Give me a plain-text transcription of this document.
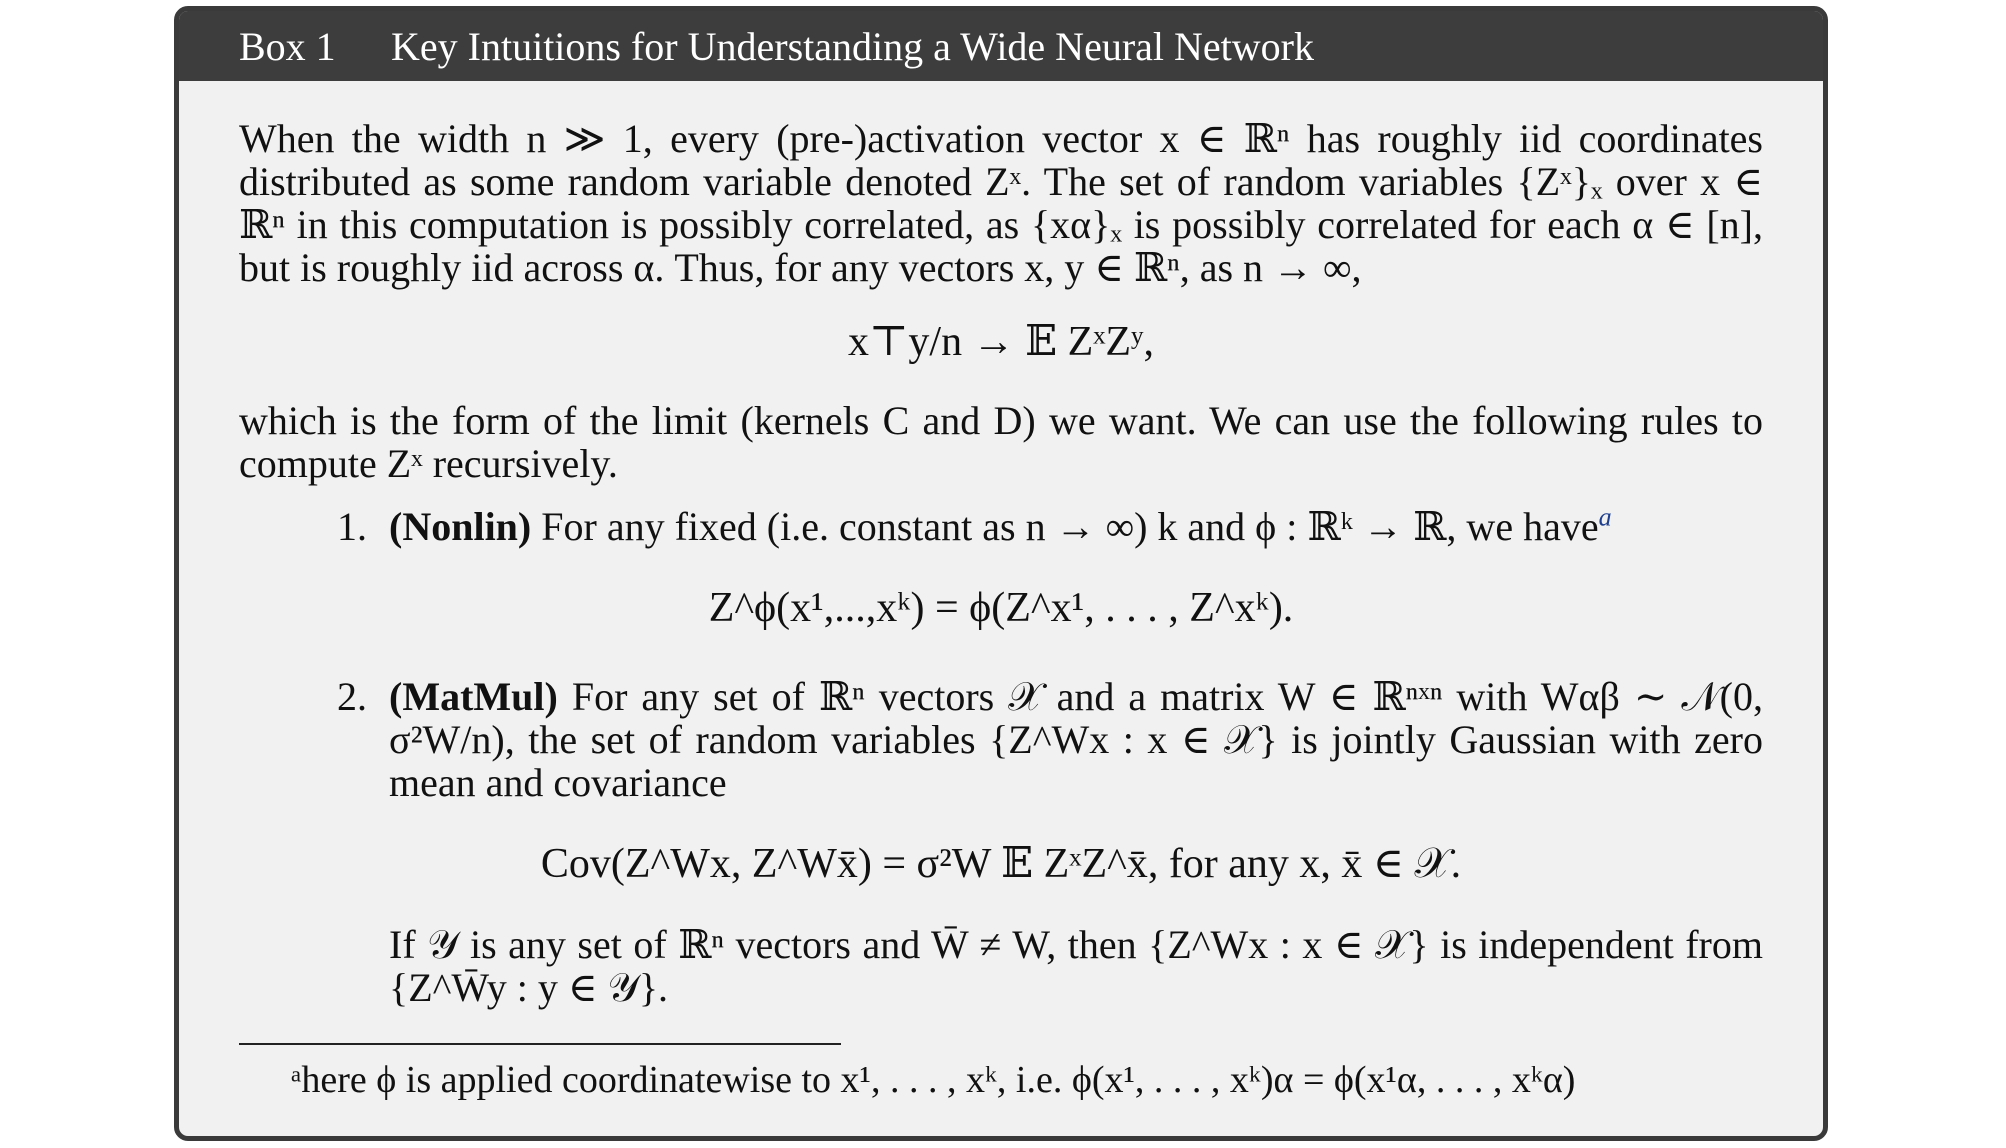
Box 1	Key Intuitions for Understanding a Wide Neural Network
When the width n ≫ 1, every (pre-)activation vector x ∈ ℝⁿ has roughly iid coordinates distributed as some random variable denoted Zˣ. The set of random variables {Zˣ}ₓ over x ∈ ℝⁿ in this computation is possibly correlated, as {xα}ₓ is possibly correlated for each α ∈ [n], but is roughly iid across α. Thus, for any vectors x, y ∈ ℝⁿ, as n → ∞,
x⊤y/n → 𝔼 ZˣZʸ,
which is the form of the limit (kernels C and D) we want. We can use the following rules to compute Zˣ recursively.
1. (Nonlin) For any fixed (i.e. constant as n → ∞) k and ϕ : ℝᵏ → ℝ, we have$^a$
Z^ϕ(x¹,...,xᵏ) = ϕ(Z^x¹, . . . , Z^xᵏ).
2. (MatMul) For any set of ℝⁿ vectors 𝒳 and a matrix W ∈ ℝⁿˣⁿ with Wαβ ∼ 𝒩(0, σ²W/n), the set of random variables {Z^Wx : x ∈ 𝒳} is jointly Gaussian with zero mean and covariance
Cov(Z^Wx, Z^Wx̄) = σ²W 𝔼 ZˣZ^x̄, for any x, x̄ ∈ 𝒳.
If 𝒴 is any set of ℝⁿ vectors and W̄ ≠ W, then {Z^Wx : x ∈ 𝒳} is independent from {Z^W̄y : y ∈ 𝒴}.
ᵃhere ϕ is applied coordinatewise to x¹, . . . , xᵏ, i.e. ϕ(x¹, . . . , xᵏ)α = ϕ(x¹α, . . . , xᵏα)
